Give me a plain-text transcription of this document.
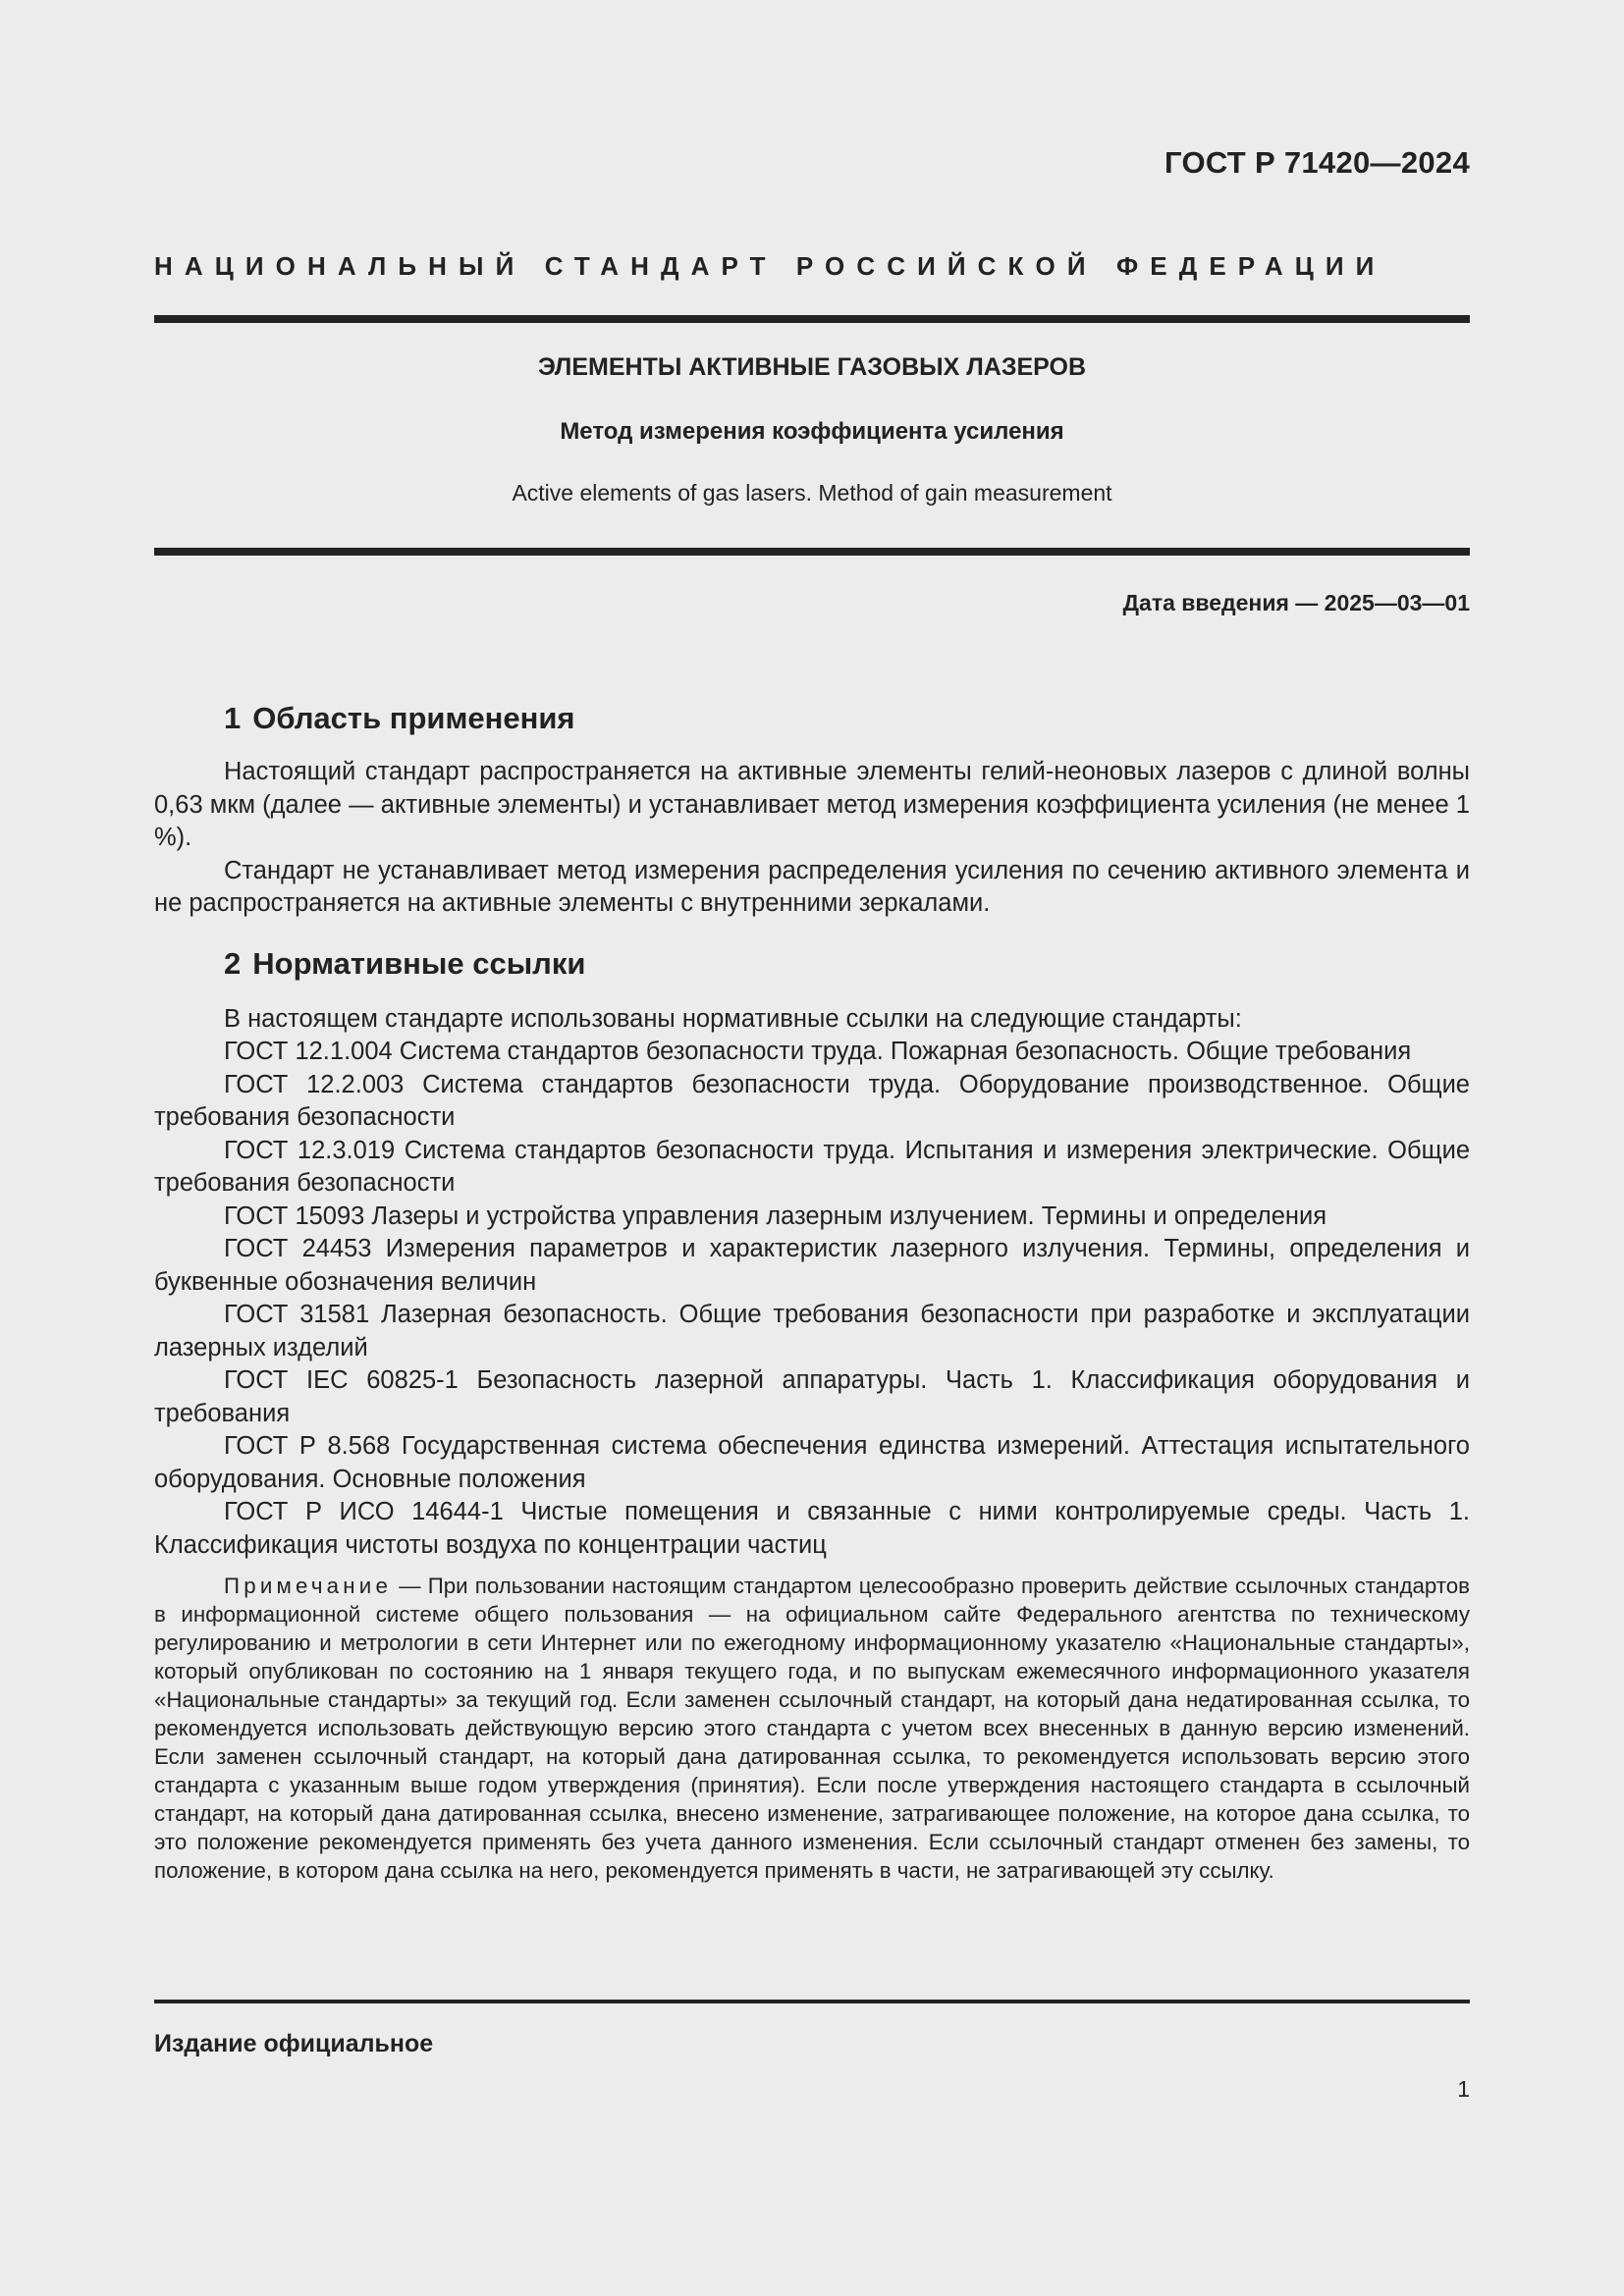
ГОСТ Р 71420—2024
НАЦИОНАЛЬНЫЙ СТАНДАРТ РОССИЙСКОЙ ФЕДЕРАЦИИ
ЭЛЕМЕНТЫ АКТИВНЫЕ ГАЗОВЫХ ЛАЗЕРОВ
Метод измерения коэффициента усиления
Active elements of gas lasers. Method of gain measurement
Дата введения — 2025—03—01
1 Область применения

Настоящий стандарт распространяется на активные элементы гелий-неоновых лазеров с длиной волны 0,63 мкм (далее — активные элементы) и устанавливает метод измерения коэффициента усиления (не менее 1 %).

Стандарт не устанавливает метод измерения распределения усиления по сечению активного элемента и не распространяется на активные элементы с внутренними зеркалами.

2 Нормативные ссылки

В настоящем стандарте использованы нормативные ссылки на следующие стандарты:

ГОСТ 12.1.004 Система стандартов безопасности труда. Пожарная безопасность. Общие требования

ГОСТ 12.2.003 Система стандартов безопасности труда. Оборудование производственное. Общие требования безопасности

ГОСТ 12.3.019 Система стандартов безопасности труда. Испытания и измерения электрические. Общие требования безопасности

ГОСТ 15093 Лазеры и устройства управления лазерным излучением. Термины и определения

ГОСТ 24453 Измерения параметров и характеристик лазерного излучения. Термины, определения и буквенные обозначения величин

ГОСТ 31581 Лазерная безопасность. Общие требования безопасности при разработке и эксплуатации лазерных изделий

ГОСТ IEC 60825-1 Безопасность лазерной аппаратуры. Часть 1. Классификация оборудования и требования

ГОСТ Р 8.568 Государственная система обеспечения единства измерений. Аттестация испытательного оборудования. Основные положения

ГОСТ Р ИСО 14644-1 Чистые помещения и связанные с ними контролируемые среды. Часть 1. Классификация чистоты воздуха по концентрации частиц

Примечание — При пользовании настоящим стандартом целесообразно проверить действие ссылочных стандартов в информационной системе общего пользования — на официальном сайте Федерального агентства по техническому регулированию и метрологии в сети Интернет или по ежегодному информационному указателю «Национальные стандарты», который опубликован по состоянию на 1 января текущего года, и по выпускам ежемесячного информационного указателя «Национальные стандарты» за текущий год. Если заменен ссылочный стандарт, на который дана недатированная ссылка, то рекомендуется использовать действующую версию этого стандарта с учетом всех внесенных в данную версию изменений. Если заменен ссылочный стандарт, на который дана датированная ссылка, то рекомендуется использовать версию этого стандарта с указанным выше годом утверждения (принятия). Если после утверждения настоящего стандарта в ссылочный стандарт, на который дана датированная ссылка, внесено изменение, затрагивающее положение, на которое дана ссылка, то это положение рекомендуется применять без учета данного изменения. Если ссылочный стандарт отменен без замены, то положение, в котором дана ссылка на него, рекомендуется применять в части, не затрагивающей эту ссылку.

Издание официальное
1
